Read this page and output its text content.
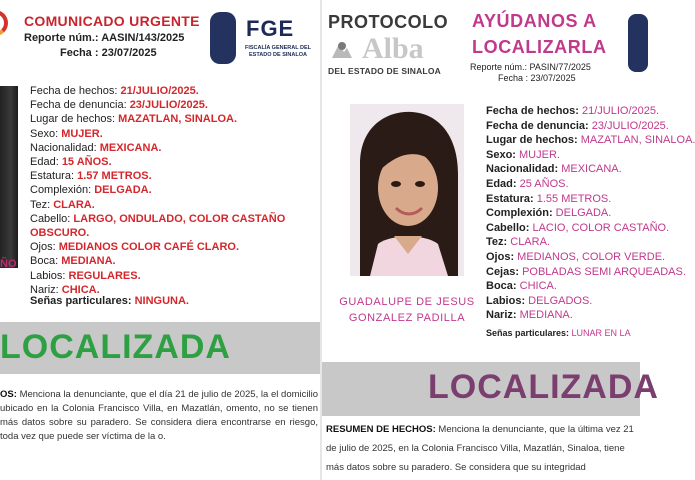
COMUNICADO URGENTE
Reporte núm.: AASIN/143/2025
Fecha : 23/07/2025
FGE
FISCALÍA GENERAL DEL ESTADO DE SINALOA
ÑO
Fecha de hechos: 21/JULIO/2025.
Fecha de denuncia: 23/JULIO/2025.
Lugar de hechos: MAZATLAN, SINALOA.
Sexo: MUJER.
Nacionalidad: MEXICANA.
Edad: 15 AÑOS.
Estatura: 1.57 METROS.
Complexión: DELGADA.
Tez: CLARA.
Cabello: LARGO, ONDULADO, COLOR CASTAÑO OBSCURO.
Ojos: MEDIANOS COLOR CAFÉ CLARO.
Boca: MEDIANA.
Labios: REGULARES.
Nariz: CHICA.
Señas particulares: NINGUNA.
LOCALIZADA
OS: Menciona la denunciante, que el día 21 de julio de 2025, la el domicilio ubicado en la Colonia Francisco Villa, en Mazatlán, omento, no se tienen más datos sobre su paradero. Se considera diera encontrarse en riesgo, toda vez que puede ser víctima de la o.
PROTOCOLO
Alba
DEL ESTADO DE SINALOA
AYÚDANOS A
LOCALIZARLA
Reporte núm.: PASIN/77/2025
Fecha : 23/07/2025
GUADALUPE DE JESUS
GONZALEZ PADILLA
Fecha de hechos: 21/JULIO/2025.
Fecha de denuncia: 23/JULIO/2025.
Lugar de hechos: MAZATLAN, SINALOA.
Sexo: MUJER.
Nacionalidad: MEXICANA.
Edad: 25 AÑOS.
Estatura: 1.55 METROS.
Complexión: DELGADA.
Cabello: LACIO, COLOR CASTAÑO.
Tez: CLARA.
Ojos: MEDIANOS, COLOR VERDE.
Cejas: POBLADAS SEMI ARQUEADAS.
Boca: CHICA.
Labios: DELGADOS.
Nariz: MEDIANA.
Señas particulares: LUNAR EN LA
LOCALIZADA
RESUMEN DE HECHOS: Menciona la denunciante, que la última vez 21 de julio de 2025, en la Colonia Francisco Villa, Mazatlán, Sinaloa, tiene más datos sobre su paradero. Se considera que su integridad
